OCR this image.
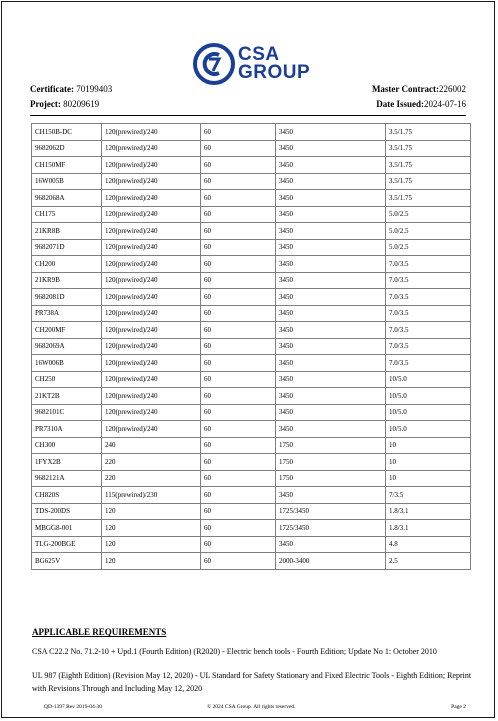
CSA
GROUP
Certificate: 70199403
Project: 80209619
Master Contract:226002
Date Issued:2024-07-16
CH150B-DC	120(prewired)/240	60	3450	3.5/1.75
9682062D	120(prewired)/240	60	3450	3.5/1.75
CH150MF	120(prewired)/240	60	3450	3.5/1.75
16W005B	120(prewired)/240	60	3450	3.5/1.75
9682068A	120(prewired)/240	60	3450	3.5/1.75
CH175	120(prewired)/240	60	3450	5.0/2.5
21KR8B	120(prewired)/240	60	3450	5.0/2.5
9682071D	120(prewired)/240	60	3450	5.0/2.5
CH200	120(prewired)/240	60	3450	7.0/3.5
21KR9B	120(prewired)/240	60	3450	7.0/3.5
9682081D	120(prewired)/240	60	3450	7.0/3.5
PR738A	120(prewired)/240	60	3450	7.0/3.5
CH200MF	120(prewired)/240	60	3450	7.0/3.5
9682069A	120(prewired)/240	60	3450	7.0/3.5
16W006B	120(prewired)/240	60	3450	7.0/3.5
CH250	120(prewired)/240	60	3450	10/5.0
21KT2B	120(prewired)/240	60	3450	10/5.0
9682101C	120(prewired)/240	60	3450	10/5.0
PR7310A	120(prewired)/240	60	3450	10/5.0
CH300	240	60	1750	10
1FYX2B	220	60	1750	10
9682121A	220	60	1750	10
CH820S	115(prewired)/230	60	3450	7/3.5
TDS-200DS	120	60	1725/3450	1.8/3.1
MBGG8-001	120	60	1725/3450	1.8/3.1
TLG-200BGE	120	60	3450	4.8
BG625V	120	60	2000-3400	2.5
APPLICABLE REQUIREMENTS
CSA C22.2 No. 71.2-10 + Upd.1 (Fourth Edition) (R2020) - Electric bench tools - Fourth Edition; Update No 1: October 2010
UL 987 (Eighth Edition) (Revision May 12, 2020) - UL Standard for Safety Stationary and Fixed Electric Tools - Eighth Edition; Reprint with Revisions Through and Including May 12, 2020
QD-1397 Rev 2019-04-30	© 2024 CSA Group. All rights reserved.	Page 2
